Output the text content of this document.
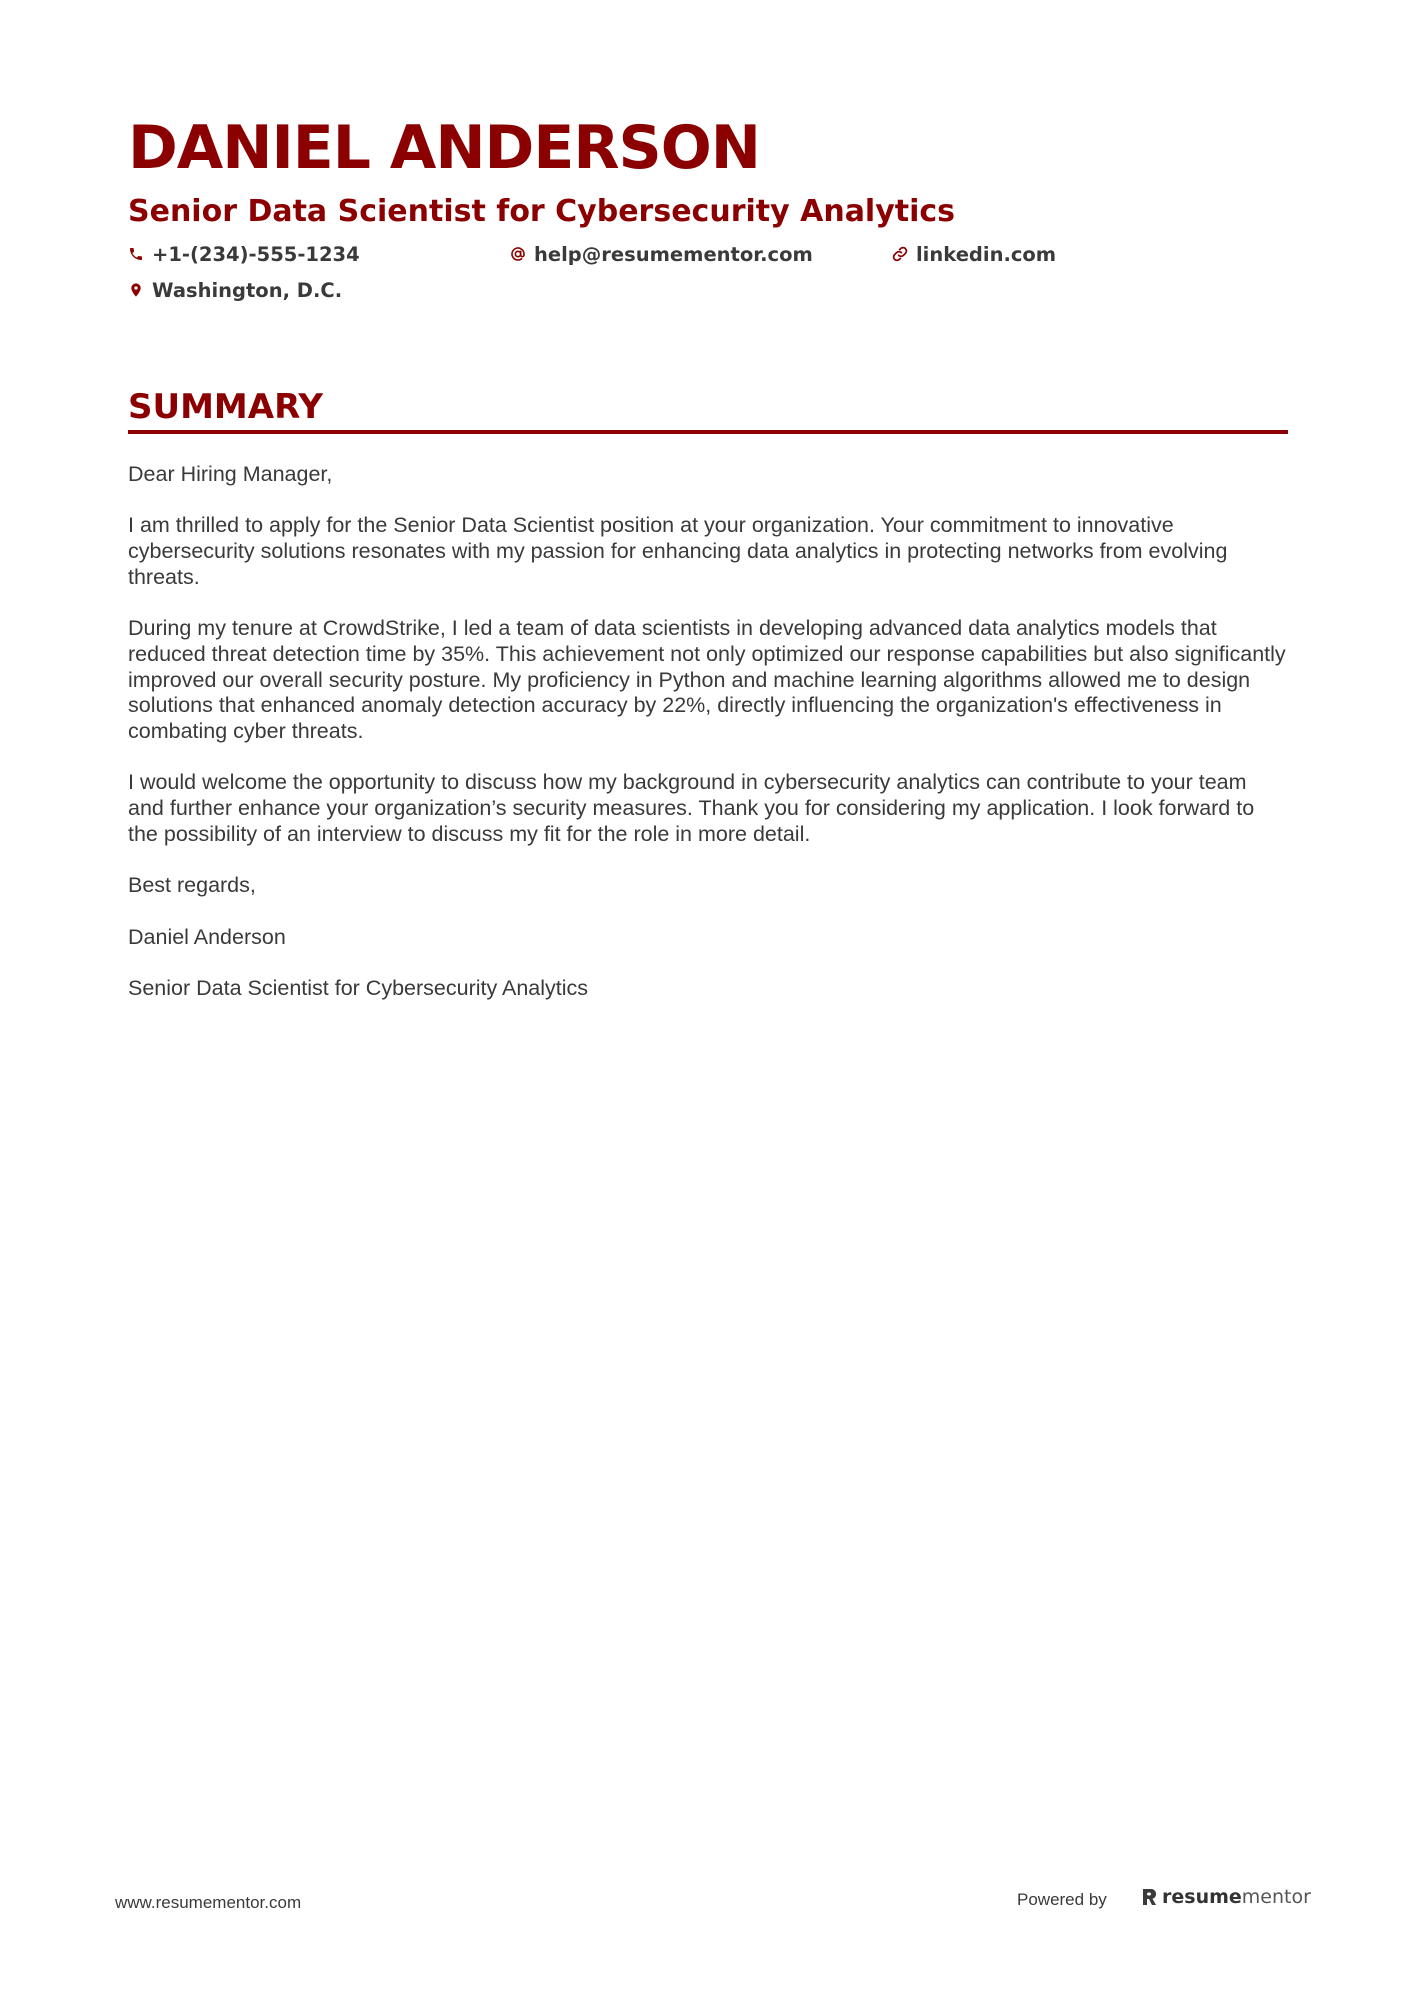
DANIEL ANDERSON
Senior Data Scientist for Cybersecurity Analytics
+1-(234)-555-1234	help@resumementor.com	linkedin.com
Washington, D.C.
SUMMARY

Dear Hiring Manager,

I am thrilled to apply for the Senior Data Scientist position at your organization. Your commitment to innovative cybersecurity solutions resonates with my passion for enhancing data analytics in protecting networks from evolving threats.

During my tenure at CrowdStrike, I led a team of data scientists in developing advanced data analytics models that reduced threat detection time by 35%. This achievement not only optimized our response capabilities but also significantly improved our overall security posture. My proficiency in Python and machine learning algorithms allowed me to design solutions that enhanced anomaly detection accuracy by 22%, directly influencing the organization's effectiveness in combating cyber threats.

I would welcome the opportunity to discuss how my background in cybersecurity analytics can contribute to your team and further enhance your organization’s security measures. Thank you for considering my application. I look forward to the possibility of an interview to discuss my fit for the role in more detail.

Best regards,

Daniel Anderson

Senior Data Scientist for Cybersecurity Analytics

www.resumementor.com	Powered by	resume mentor
